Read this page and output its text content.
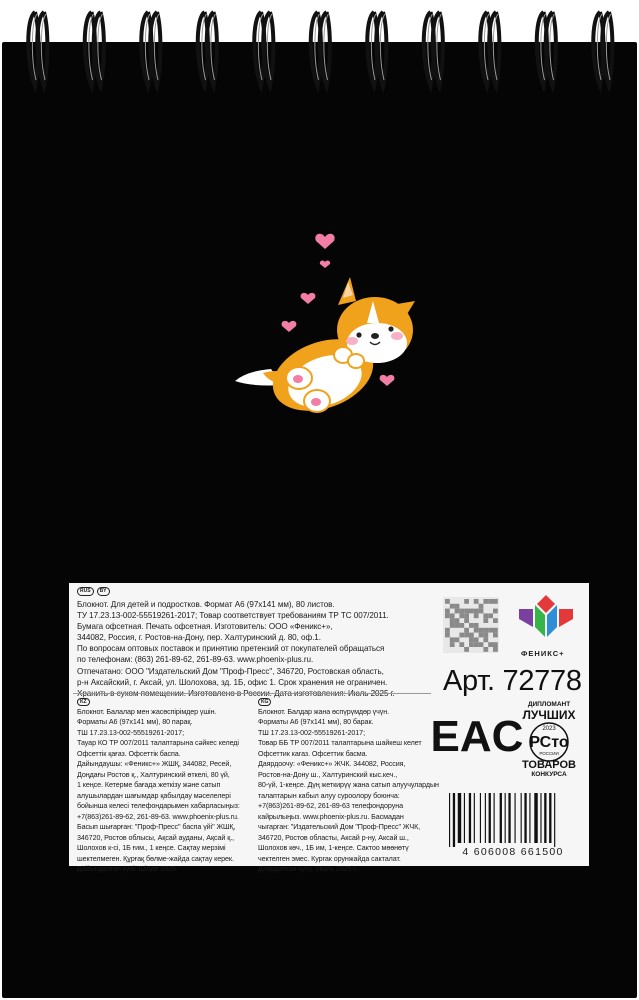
RUS	BY
Блокнот. Для детей и подростков. Формат А6 (97х141 мм), 80 листов.
ТУ 17.23.13-002-55519261-2017; Товар соответствует требованиям ТР ТС 007/2011.
Бумага офсетная. Печать офсетная. Изготовитель: ООО «Феникс+»,
344082, Россия, г. Ростов-на-Дону, пер. Халтуринский д. 80, оф.1.
По вопросам оптовых поставок и принятию претензий от покупателей обращаться
по телефонам: (863) 261-89-62, 261-89-63. www.phoenix-plus.ru.
Отпечатано: ООО "Издательский Дом "Проф-Пресс", 346720, Ростовская область,
р-н Аксайский, г. Аксай, ул. Шолохова, зд. 1Б, офис 1. Срок хранения не ограничен.
ФЕНИКС+
Арт. 72778
KZ
Блокнот. Балалар мен жасөспірімдер үшін.
Форматы А6 (97х141 мм), 80 парақ.
ТШ 17.23.13-002-55519261-2017;
Тауар КО ТР 007/2011 талаптарына сәйкес келеді
Офсеттік қағаз. Офсеттік баспа.
Дайындаушы: «Феникс+» ЖШҚ, 344082, Ресей,
Доңдағы Ростов қ., Халтуринский өткелі, 80 үй,
1 кеңсе. Кетерме бағада жеткізу және сатып
алушылардан шағымдар қабылдау мәселелері
бойынша келесі телефондарымен хабарласыңыз:
+7(863)261-89-62, 261-89-63. www.phoenix-plus.ru.
Басып шығарған: "Проф-Пресс" баспа үйі" ЖШҚ,
346720, Ростов облысы, Ақсай ауданы, Ақсай қ.,
Шолохов к-сі, 1Б ғим., 1 кеңсе. Сақтау мерзімі
шектелмеген. Құрғақ бөлме-жайда сақтау керек.
Дайындалған күні: Шілде 2025.
KG
Блокнот. Балдар жана өспүрүмдөр үчүн.
Форматы А6 (97х141 мм), 80 барак.
ТШ 17.23.13-002-55519261-2017;
Товар ББ ТР 007/2011 талаптарына шайкеш келет
Офсеттик кагаз. Офсеттик басма.
Даярдоочу: «Феникс+» ЖЧК. 344082, Россия,
Ростов-на-Дону ш., Халтуринский кыс.кеч.,
80-үй, 1-кеңсе. Дүң жеткирүү жана сатып алуучулардын
талаптарын кабыл алуу суроолору боюнча:
+7(863)261-89-62, 261-89-63 телефондоруна
кайрылыңыз. www.phoenix-plus.ru. Басмадан
чыгарган: "Издательский Дом "Проф-Пресс" ЖЧК,
346720, Ростов областы, Аксай р-ну, Аксай ш.,
Шолохов көч., 1Б им, 1-кеңсе. Сактоо мөөнөтү
чектелген эмес. Кургак орунжайда сакталат.
Даярдалган күнү: Июль 2025 г.
EAC
ДИПЛОМАНТ
ЛУЧШИХ
2023
РСто
РОССИИ
ТОВАРОВ
КОНКУРСА
4 606008 661500
